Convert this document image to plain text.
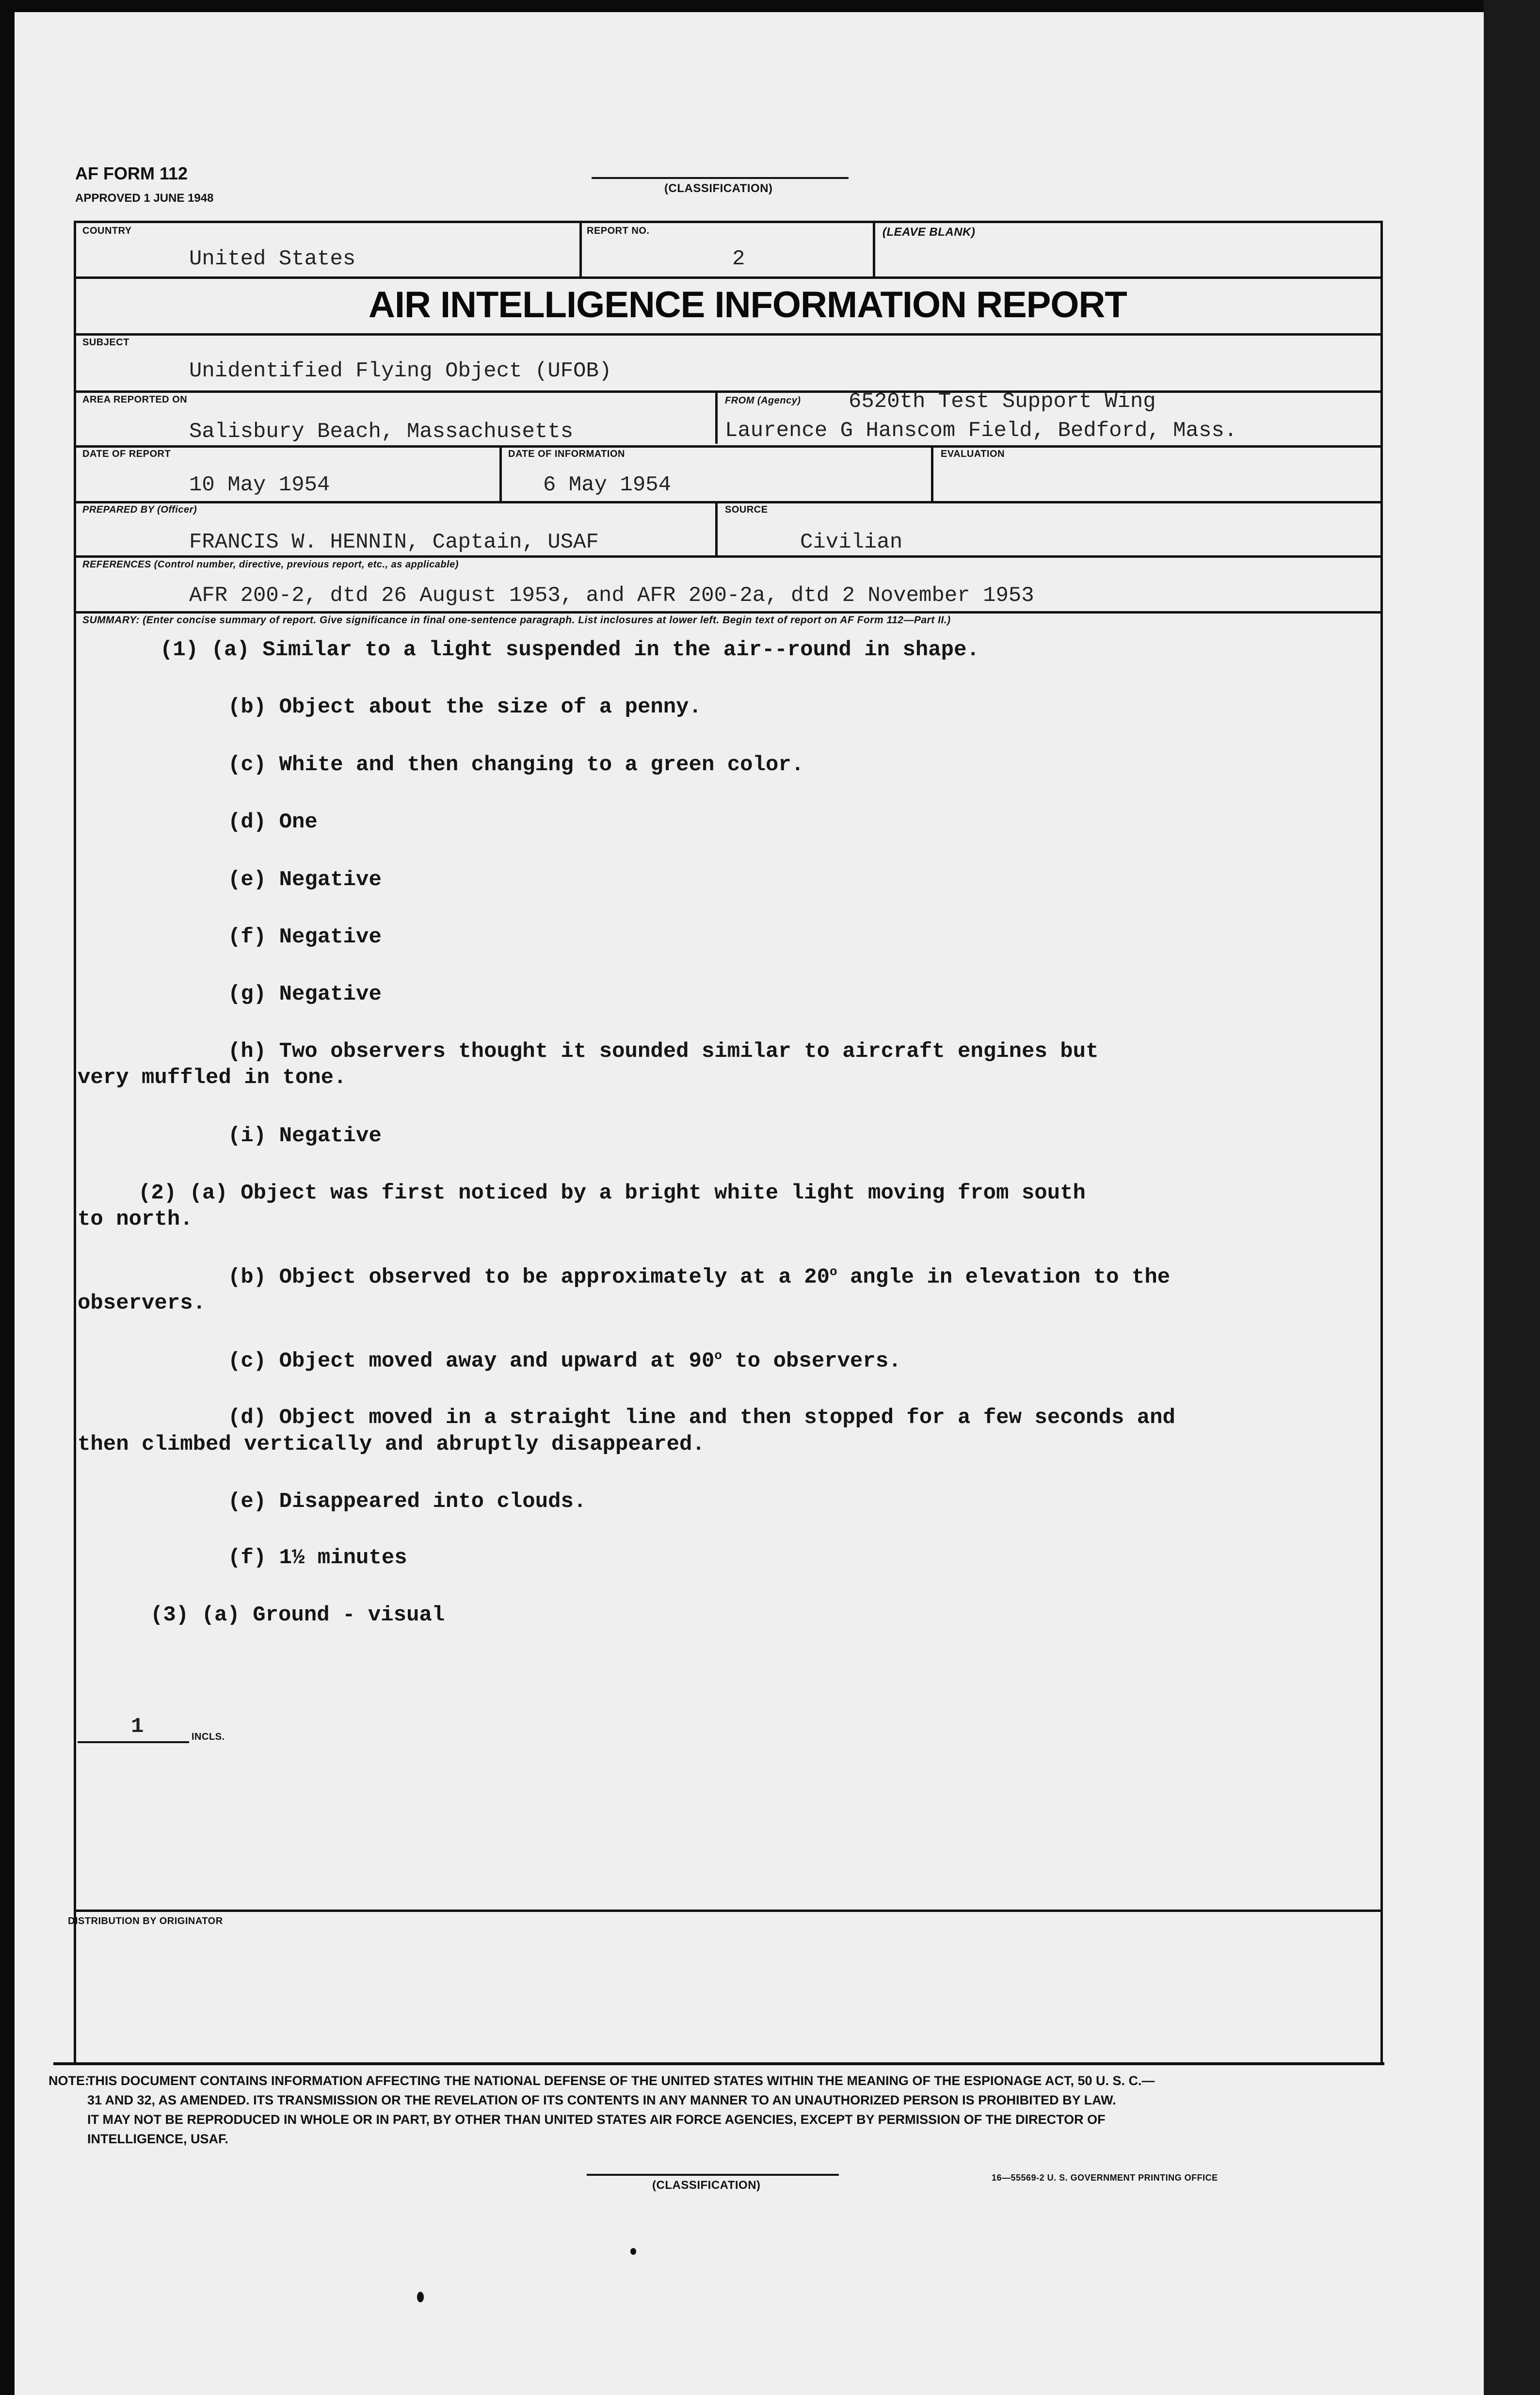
AF FORM 112
APPROVED 1 JUNE 1948
(CLASSIFICATION)
COUNTRY
United States
REPORT NO.
2
(LEAVE BLANK)
AIR INTELLIGENCE INFORMATION REPORT
SUBJECT
Unidentified Flying Object (UFOB)
AREA REPORTED ON
Salisbury Beach, Massachusetts
FROM (Agency) 6520th Test Support Wing
Laurence G Hanscom Field, Bedford, Mass.
DATE OF REPORT
10 May 1954
DATE OF INFORMATION
6 May 1954
EVALUATION
PREPARED BY (Officer)
FRANCIS W. HENNIN, Captain, USAF
SOURCE
Civilian
REFERENCES (Control number, directive, previous report, etc., as applicable)
AFR 200-2, dtd 26 August 1953, and AFR 200-2a, dtd 2 November 1953
SUMMARY: (Enter concise summary of report. Give significance in final one-sentence paragraph. List inclosures at lower left. Begin text of report on AF Form 112—Part II.)
(1) (a) Similar to a light suspended in the air--round in shape.
(b) Object about the size of a penny.
(c) White and then changing to a green color.
(d) One
(e) Negative
(f) Negative
(g) Negative
(h) Two observers thought it sounded similar to aircraft engines but
very muffled in tone.
(i) Negative
(2) (a) Object was first noticed by a bright white light moving from south
to north.
(b) Object observed to be approximately at a 20$^o$ angle in elevation to the
observers.
(c) Object moved away and upward at 90$^o$ to observers.
(d) Object moved in a straight line and then stopped for a few seconds and
then climbed vertically and abruptly disappeared.
(e) Disappeared into clouds.
(f) 1½ minutes
(3) (a) Ground - visual
1	INCLS.
DISTRIBUTION BY ORIGINATOR
NOTE:
THIS DOCUMENT CONTAINS INFORMATION AFFECTING THE NATIONAL DEFENSE OF THE UNITED STATES WITHIN THE MEANING OF THE ESPIONAGE ACT, 50 U. S. C.—
31 AND 32, AS AMENDED. ITS TRANSMISSION OR THE REVELATION OF ITS CONTENTS IN ANY MANNER TO AN UNAUTHORIZED PERSON IS PROHIBITED BY LAW.
IT MAY NOT BE REPRODUCED IN WHOLE OR IN PART, BY OTHER THAN UNITED STATES AIR FORCE AGENCIES, EXCEPT BY PERMISSION OF THE DIRECTOR OF
INTELLIGENCE, USAF.
(CLASSIFICATION)
16—55569-2 U. S. GOVERNMENT PRINTING OFFICE
